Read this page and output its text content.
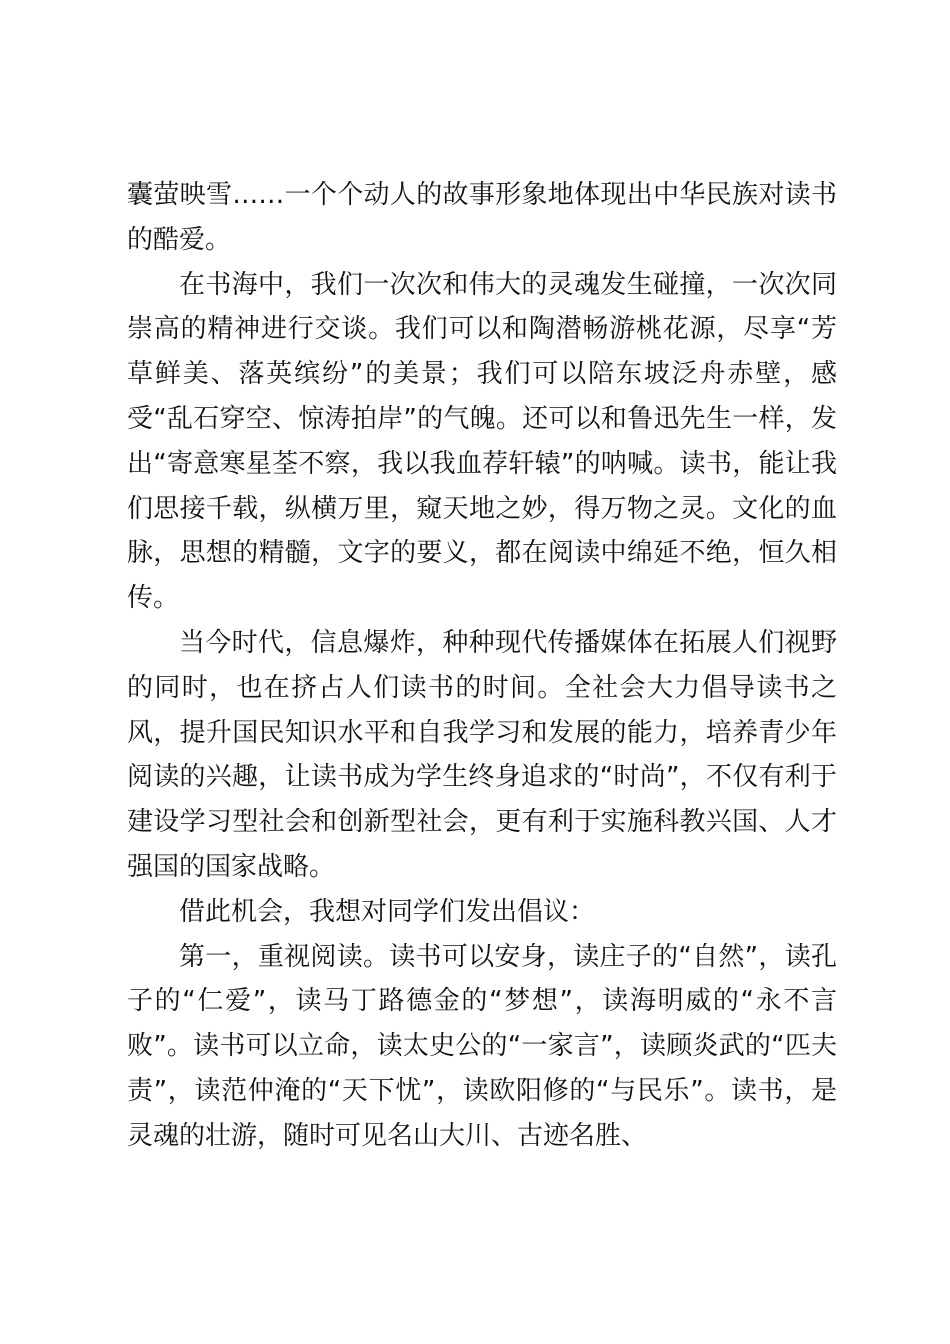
囊萤映雪……一个个动人的故事形象地体现出中华民族对读书的酷爱。

在书海中，我们一次次和伟大的灵魂发生碰撞，一次次同崇高的精神进行交谈。我们可以和陶潜畅游桃花源，尽享“芳草鲜美、落英缤纷”的美景；我们可以陪东坡泛舟赤壁，感受“乱石穿空、惊涛拍岸”的气魄。还可以和鲁迅先生一样，发出“寄意寒星荃不察，我以我血荐轩辕”的呐喊。读书，能让我们思接千载，纵横万里，窥天地之妙，得万物之灵。文化的血脉，思想的精髓，文字的要义，都在阅读中绵延不绝，恒久相传。

当今时代，信息爆炸，种种现代传播媒体在拓展人们视野的同时，也在挤占人们读书的时间。全社会大力倡导读书之风，提升国民知识水平和自我学习和发展的能力，培养青少年阅读的兴趣，让读书成为学生终身追求的“时尚”，不仅有利于建设学习型社会和创新型社会，更有利于实施科教兴国、人才强国的国家战略。

借此机会，我想对同学们发出倡议：

第一，重视阅读。读书可以安身，读庄子的“自然”，读孔子的“仁爱”，读马丁路德金的“梦想”，读海明威的“永不言败”。读书可以立命，读太史公的“一家言”，读顾炎武的“匹夫责”，读范仲淹的“天下忧”，读欧阳修的“与民乐”。读书，是灵魂的壮游，随时可见名山大川、古迹名胜、
